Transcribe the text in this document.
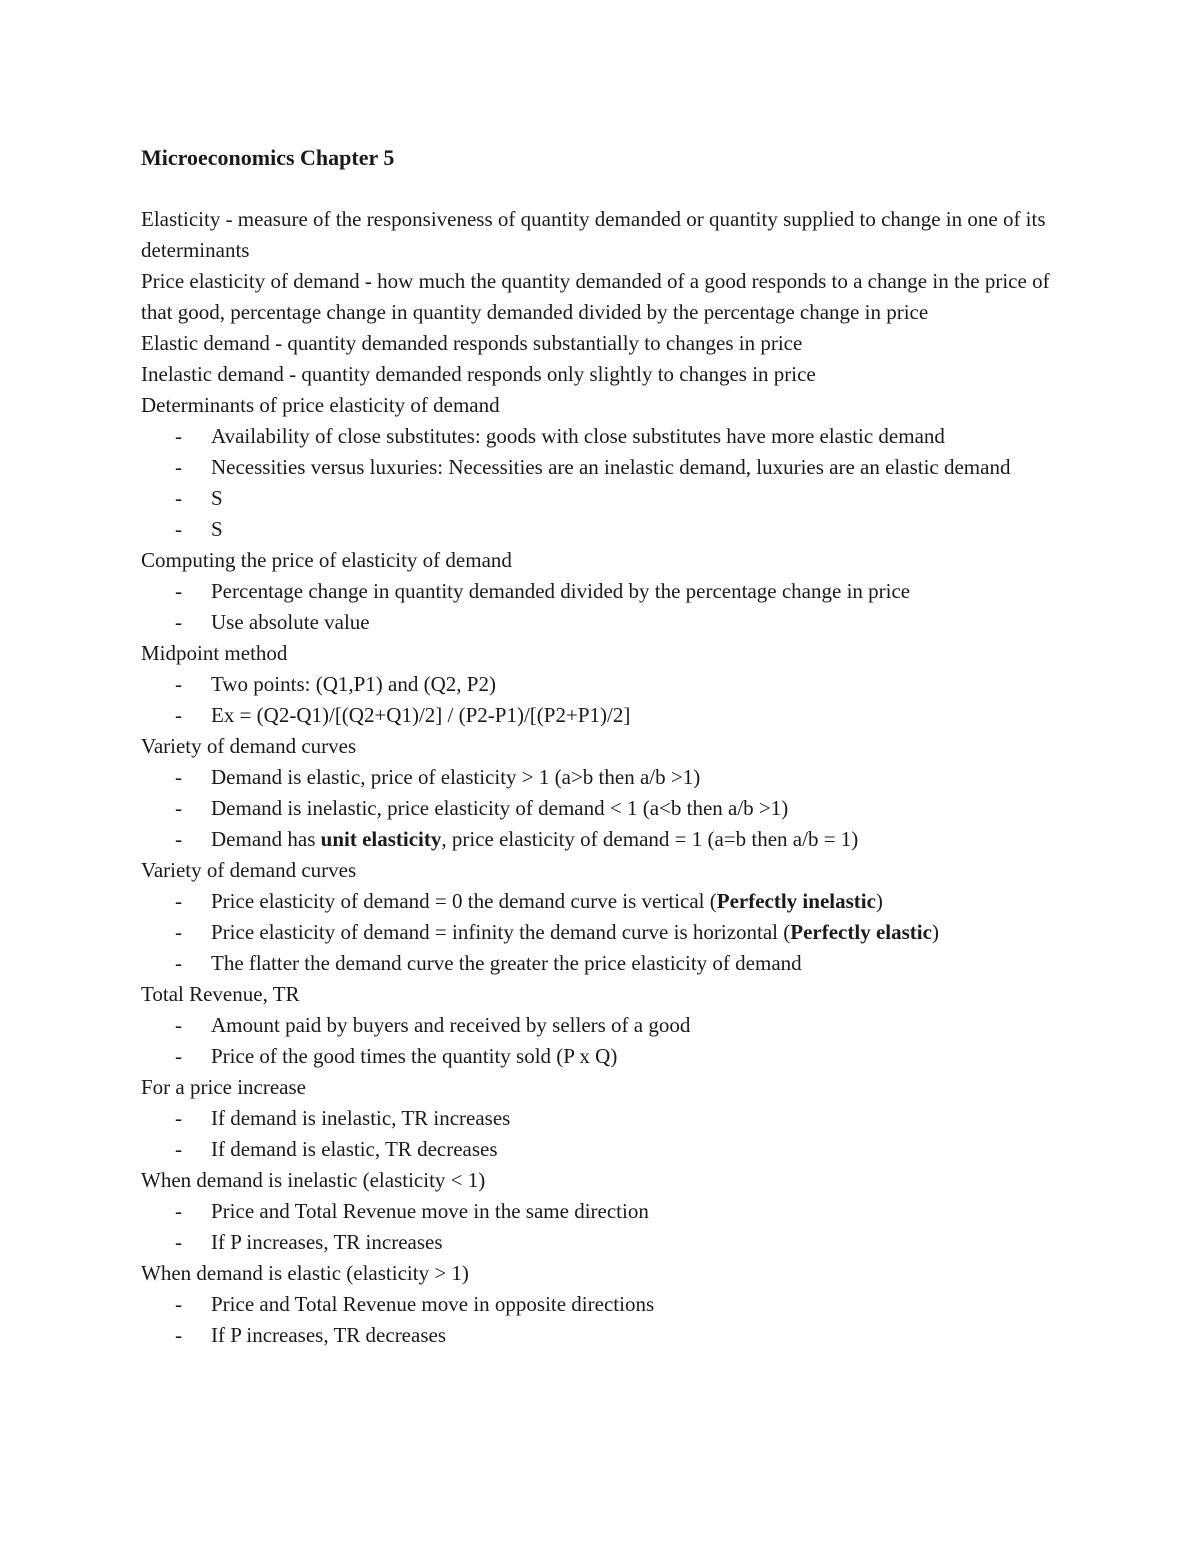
Microeconomics Chapter 5

Elasticity - measure of the responsiveness of quantity demanded or quantity supplied to change in one of its determinants

Price elasticity of demand - how much the quantity demanded of a good responds to a change in the price of that good, percentage change in quantity demanded divided by the percentage change in price

Elastic demand - quantity demanded responds substantially to changes in price

Inelastic demand - quantity demanded responds only slightly to changes in price

Determinants of price elasticity of demand

- Availability of close substitutes: goods with close substitutes have more elastic demand
- Necessities versus luxuries: Necessities are an inelastic demand, luxuries are an elastic demand
- S
- S

Computing the price of elasticity of demand

- Percentage change in quantity demanded divided by the percentage change in price
- Use absolute value

Midpoint method

- Two points: (Q1,P1) and (Q2, P2)
- Ex = (Q2-Q1)/[(Q2+Q1)/2] / (P2-P1)/[(P2+P1)/2]

Variety of demand curves

- Demand is elastic, price of elasticity > 1 (a>b then a/b >1)
- Demand is inelastic, price elasticity of demand < 1 (a<b then a/b >1)
- Demand has unit elasticity, price elasticity of demand = 1 (a=b then a/b = 1)

Variety of demand curves

- Price elasticity of demand = 0 the demand curve is vertical (Perfectly inelastic)
- Price elasticity of demand = infinity the demand curve is horizontal (Perfectly elastic)
- The flatter the demand curve the greater the price elasticity of demand

Total Revenue, TR

- Amount paid by buyers and received by sellers of a good
- Price of the good times the quantity sold (P x Q)

For a price increase

- If demand is inelastic, TR increases
- If demand is elastic, TR decreases

When demand is inelastic (elasticity < 1)

- Price and Total Revenue move in the same direction
- If P increases, TR increases

When demand is elastic (elasticity > 1)

- Price and Total Revenue move in opposite directions
- If P increases, TR decreases
